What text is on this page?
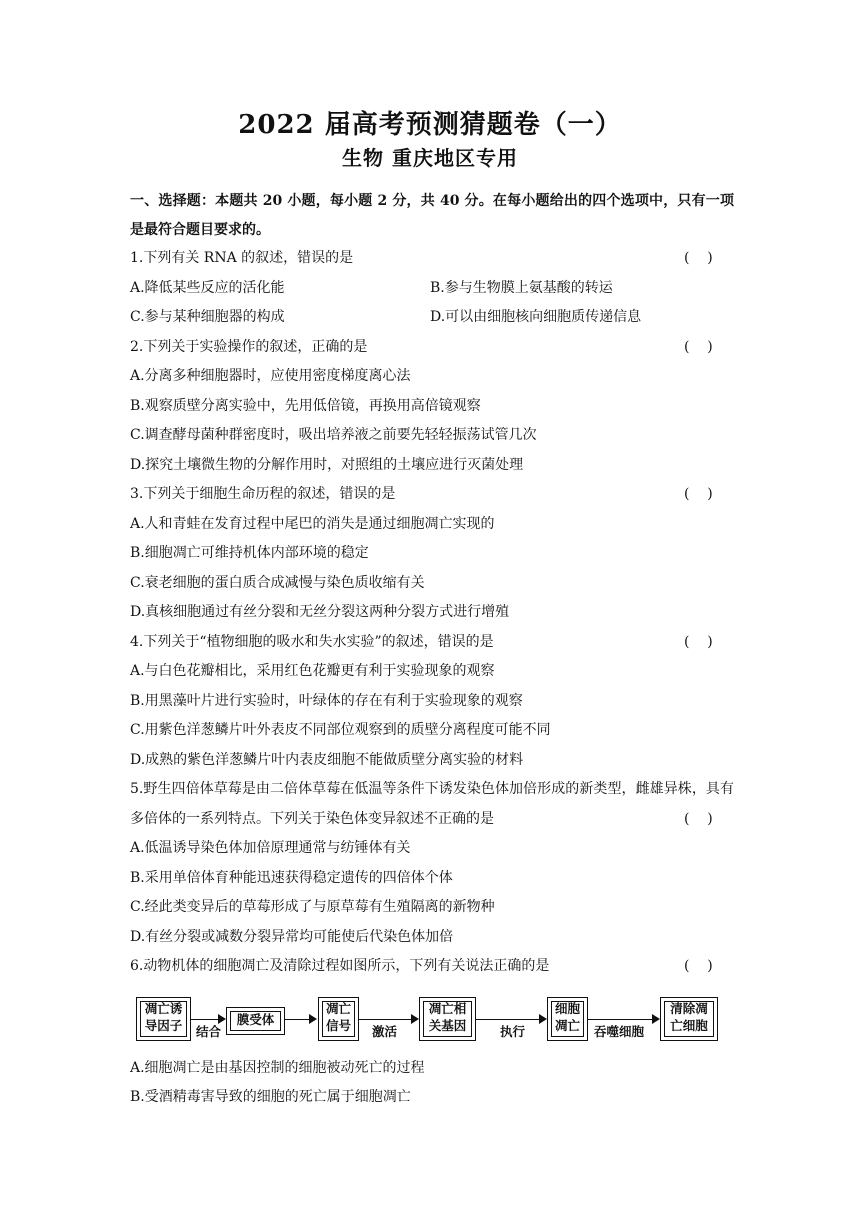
2022 届高考预测猜题卷（一）
生物 重庆地区专用
一、选择题：本题共 20 小题，每小题 2 分，共 40 分。在每小题给出的四个选项中，只有一项是最符合题目要求的。
1.下列有关 RNA 的叙述，错误的是	(    )
A.降低某些反应的活化能	B.参与生物膜上氨基酸的转运
C.参与某种细胞器的构成	D.可以由细胞核向细胞质传递信息
2.下列关于实验操作的叙述，正确的是	(    )
A.分离多种细胞器时，应使用密度梯度离心法
B.观察质壁分离实验中，先用低倍镜，再换用高倍镜观察
C.调查酵母菌种群密度时，吸出培养液之前要先轻轻振荡试管几次
D.探究土壤微生物的分解作用时，对照组的土壤应进行灭菌处理
3.下列关于细胞生命历程的叙述，错误的是	(    )
A.人和青蛙在发育过程中尾巴的消失是通过细胞凋亡实现的
B.细胞凋亡可维持机体内部环境的稳定
C.衰老细胞的蛋白质合成减慢与染色质收缩有关
D.真核细胞通过有丝分裂和无丝分裂这两种分裂方式进行增殖
4.下列关于“植物细胞的吸水和失水实验”的叙述，错误的是	(    )
A.与白色花瓣相比，采用红色花瓣更有利于实验现象的观察
B.用黑藻叶片进行实验时，叶绿体的存在有利于实验现象的观察
C.用紫色洋葱鳞片叶外表皮不同部位观察到的质壁分离程度可能不同
D.成熟的紫色洋葱鳞片叶内表皮细胞不能做质壁分离实验的材料
5.野生四倍体草莓是由二倍体草莓在低温等条件下诱发染色体加倍形成的新类型，雌雄异株，具有多倍体的一系列特点。下列关于染色体变异叙述不正确的是	(    )
A.低温诱导染色体加倍原理通常与纺锤体有关
B.采用单倍体育种能迅速获得稳定遗传的四倍体个体
C.经此类变异后的草莓形成了与原草莓有生殖隔离的新物种
D.有丝分裂或减数分裂异常均可能使后代染色体加倍
6.动物机体的细胞凋亡及清除过程如图所示，下列有关说法正确的是	(    )
凋亡诱
导因子	结合
膜受体
凋亡
信号	激活
凋亡相
关基因	执行
细胞
凋亡	吞噬细胞
清除凋
亡细胞
A.细胞凋亡是由基因控制的细胞被动死亡的过程
B.受酒精毒害导致的细胞的死亡属于细胞凋亡
